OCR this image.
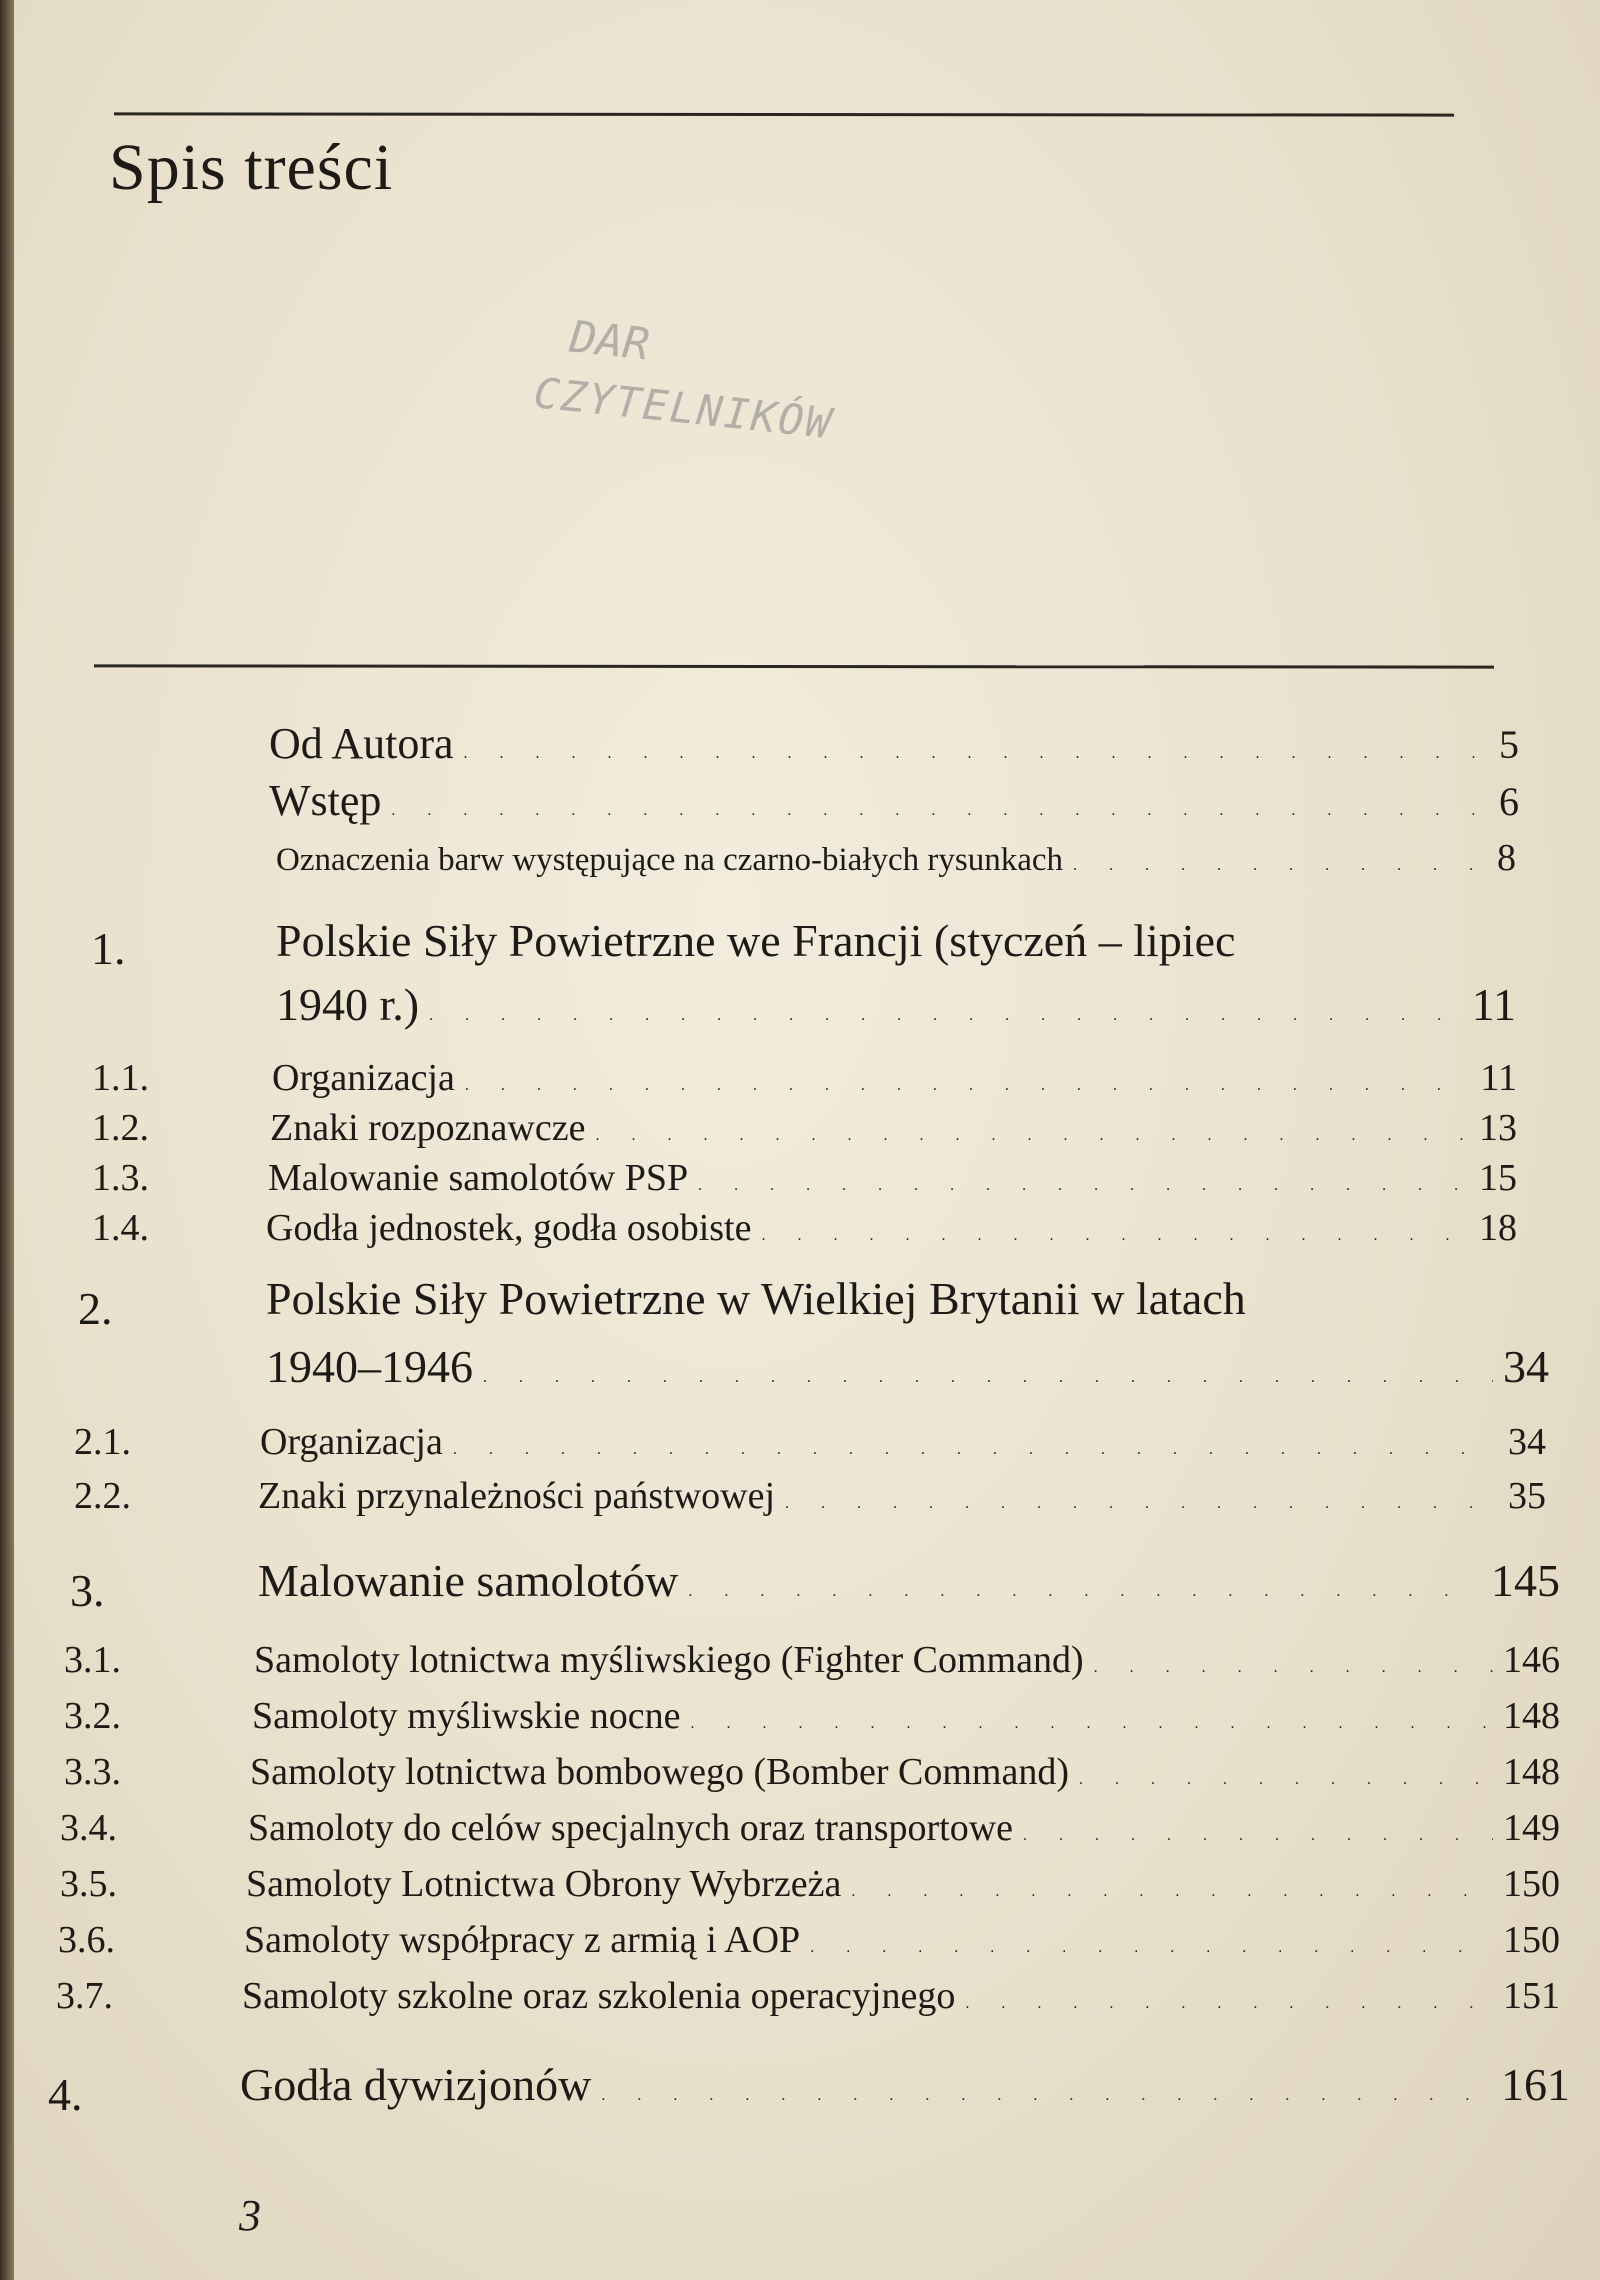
Spis treści
DAR
CZYTELNIKÓW
Od Autora . . .	5
Wstęp . . .	6
Oznaczenia barw występujące na czarno-białych rysunkach . . .	8
1.	Polskie Siły Powietrzne we Francji (styczeń – lipiec
1940 r.) . . .	11
1.1.	Organizacja . . .	11
1.2.	Znaki rozpoznawcze . . .	13
1.3.	Malowanie samolotów PSP . . .	15
1.4.	Godła jednostek, godła osobiste . . .	18
2.	Polskie Siły Powietrzne w Wielkiej Brytanii w latach
1940–1946 . . .	34
2.1.	Organizacja . . .	34
2.2.	Znaki przynależności państwowej . . .	35
3.	Malowanie samolotów . . .	145
3.1.	Samoloty lotnictwa myśliwskiego (Fighter Command) . . .	146
3.2.	Samoloty myśliwskie nocne . . .	148
3.3.	Samoloty lotnictwa bombowego (Bomber Command) . . .	148
3.4.	Samoloty do celów specjalnych oraz transportowe . . .	149
3.5.	Samoloty Lotnictwa Obrony Wybrzeża . . .	150
3.6.	Samoloty współpracy z armią i AOP . . .	150
3.7.	Samoloty szkolne oraz szkolenia operacyjnego . . .	151
4.	Godła dywizjonów . . .	161
3
